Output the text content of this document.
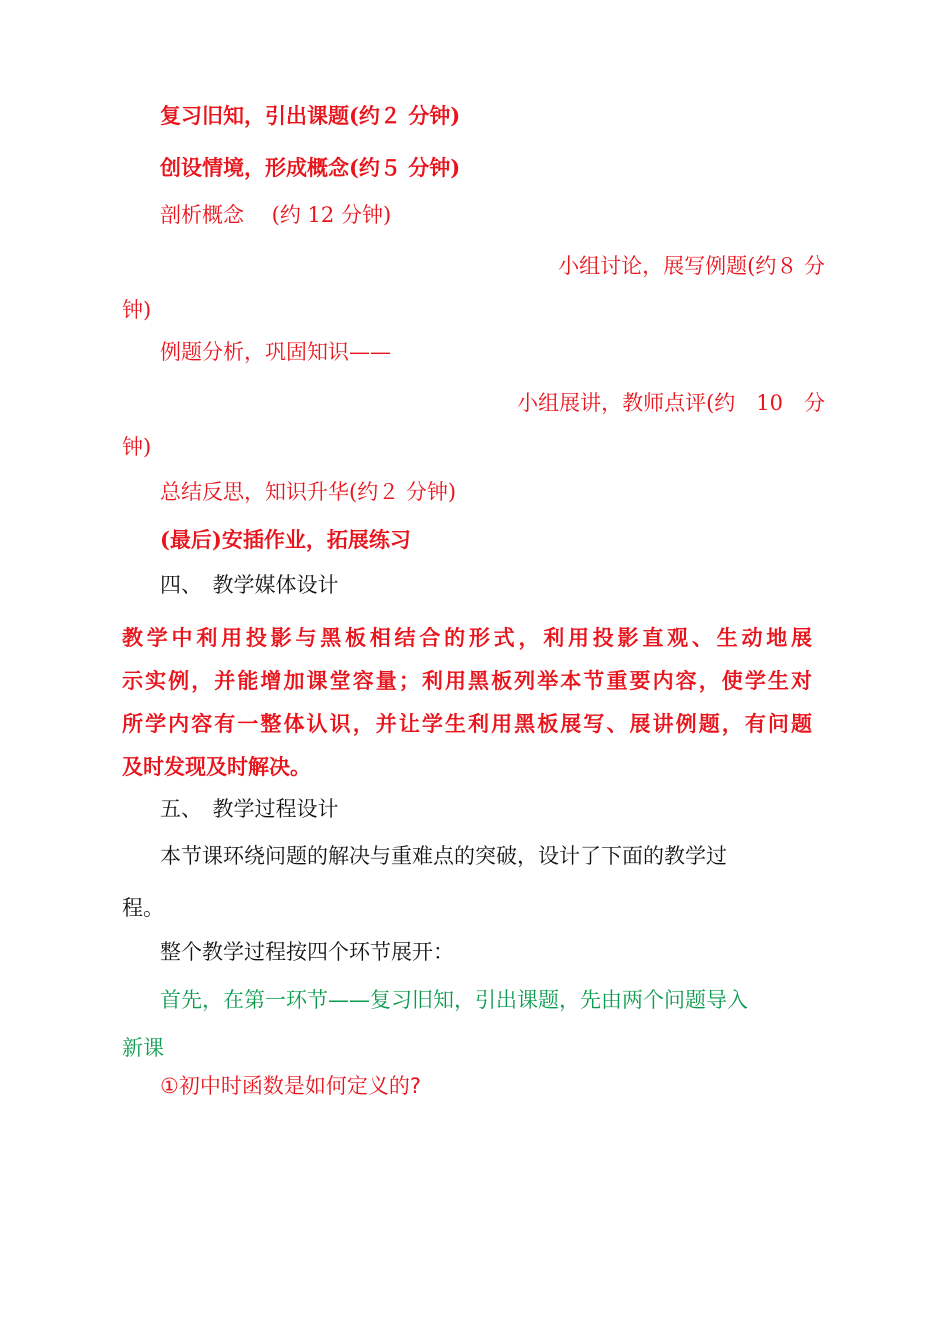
复习旧知，引出课题(约２ 分钟)
创设情境，形成概念(约５ 分钟)
剖析概念　 (约 12 分钟)
小组讨论，展写例题(约８ 分
钟)
例题分析，巩固知识——
小组展讲，教师点评(约　10　分
钟)
总结反思，知识升华(约２ 分钟)
(最后)安插作业，拓展练习
四、　教学媒体设计
教学中利用投影与黑板相结合的形式，利用投影直观、生动地展
示实例，并能增加课堂容量；利用黑板列举本节重要内容，使学生对
所学内容有一整体认识，并让学生利用黑板展写、展讲例题，有问题
及时发现及时解决。
五、　教学过程设计
本节课环绕问题的解决与重难点的突破，设计了下面的教学过
程。
整个教学过程按四个环节展开：
首先，在第一环节——复习旧知，引出课题，先由两个问题导入
新课
①初中时函数是如何定义的?
